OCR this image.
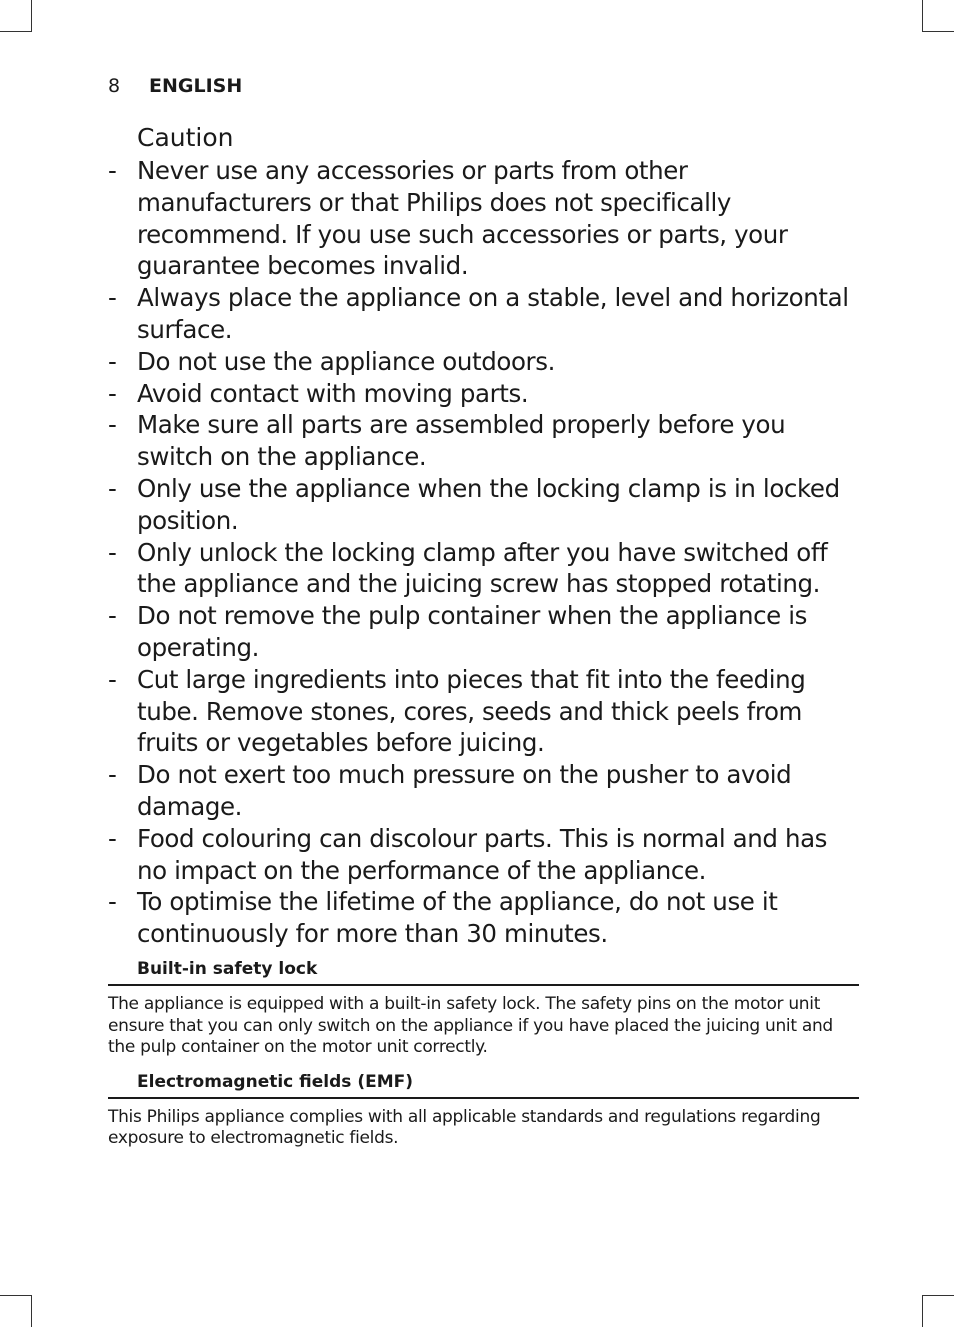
8	ENGLISH
Caution
- Never use any accessories or parts from other manufacturers or that Philips does not specifically recommend. If you use such accessories or parts, your guarantee becomes invalid.
- Always place the appliance on a stable, level and horizontal surface.
- Do not use the appliance outdoors.
- Avoid contact with moving parts.
- Make sure all parts are assembled properly before you switch on the appliance.
- Only use the appliance when the locking clamp is in locked position.
- Only unlock the locking clamp after you have switched off the appliance and the juicing screw has stopped rotating.
- Do not remove the pulp container when the appliance is operating.
- Cut large ingredients into pieces that fit into the feeding tube. Remove stones, cores, seeds and thick peels from fruits or vegetables before juicing.
- Do not exert too much pressure on the pusher to avoid damage.
- Food colouring can discolour parts. This is normal and has no impact on the performance of the appliance.
- To optimise the lifetime of the appliance, do not use it continuously for more than 30 minutes.
Built-in safety lock
The appliance is equipped with a built-in safety lock. The safety pins on the motor unit ensure that you can only switch on the appliance if you have placed the juicing unit and the pulp container on the motor unit correctly.
Electromagnetic fields (EMF)
This Philips appliance complies with all applicable standards and regulations regarding exposure to electromagnetic fields.
